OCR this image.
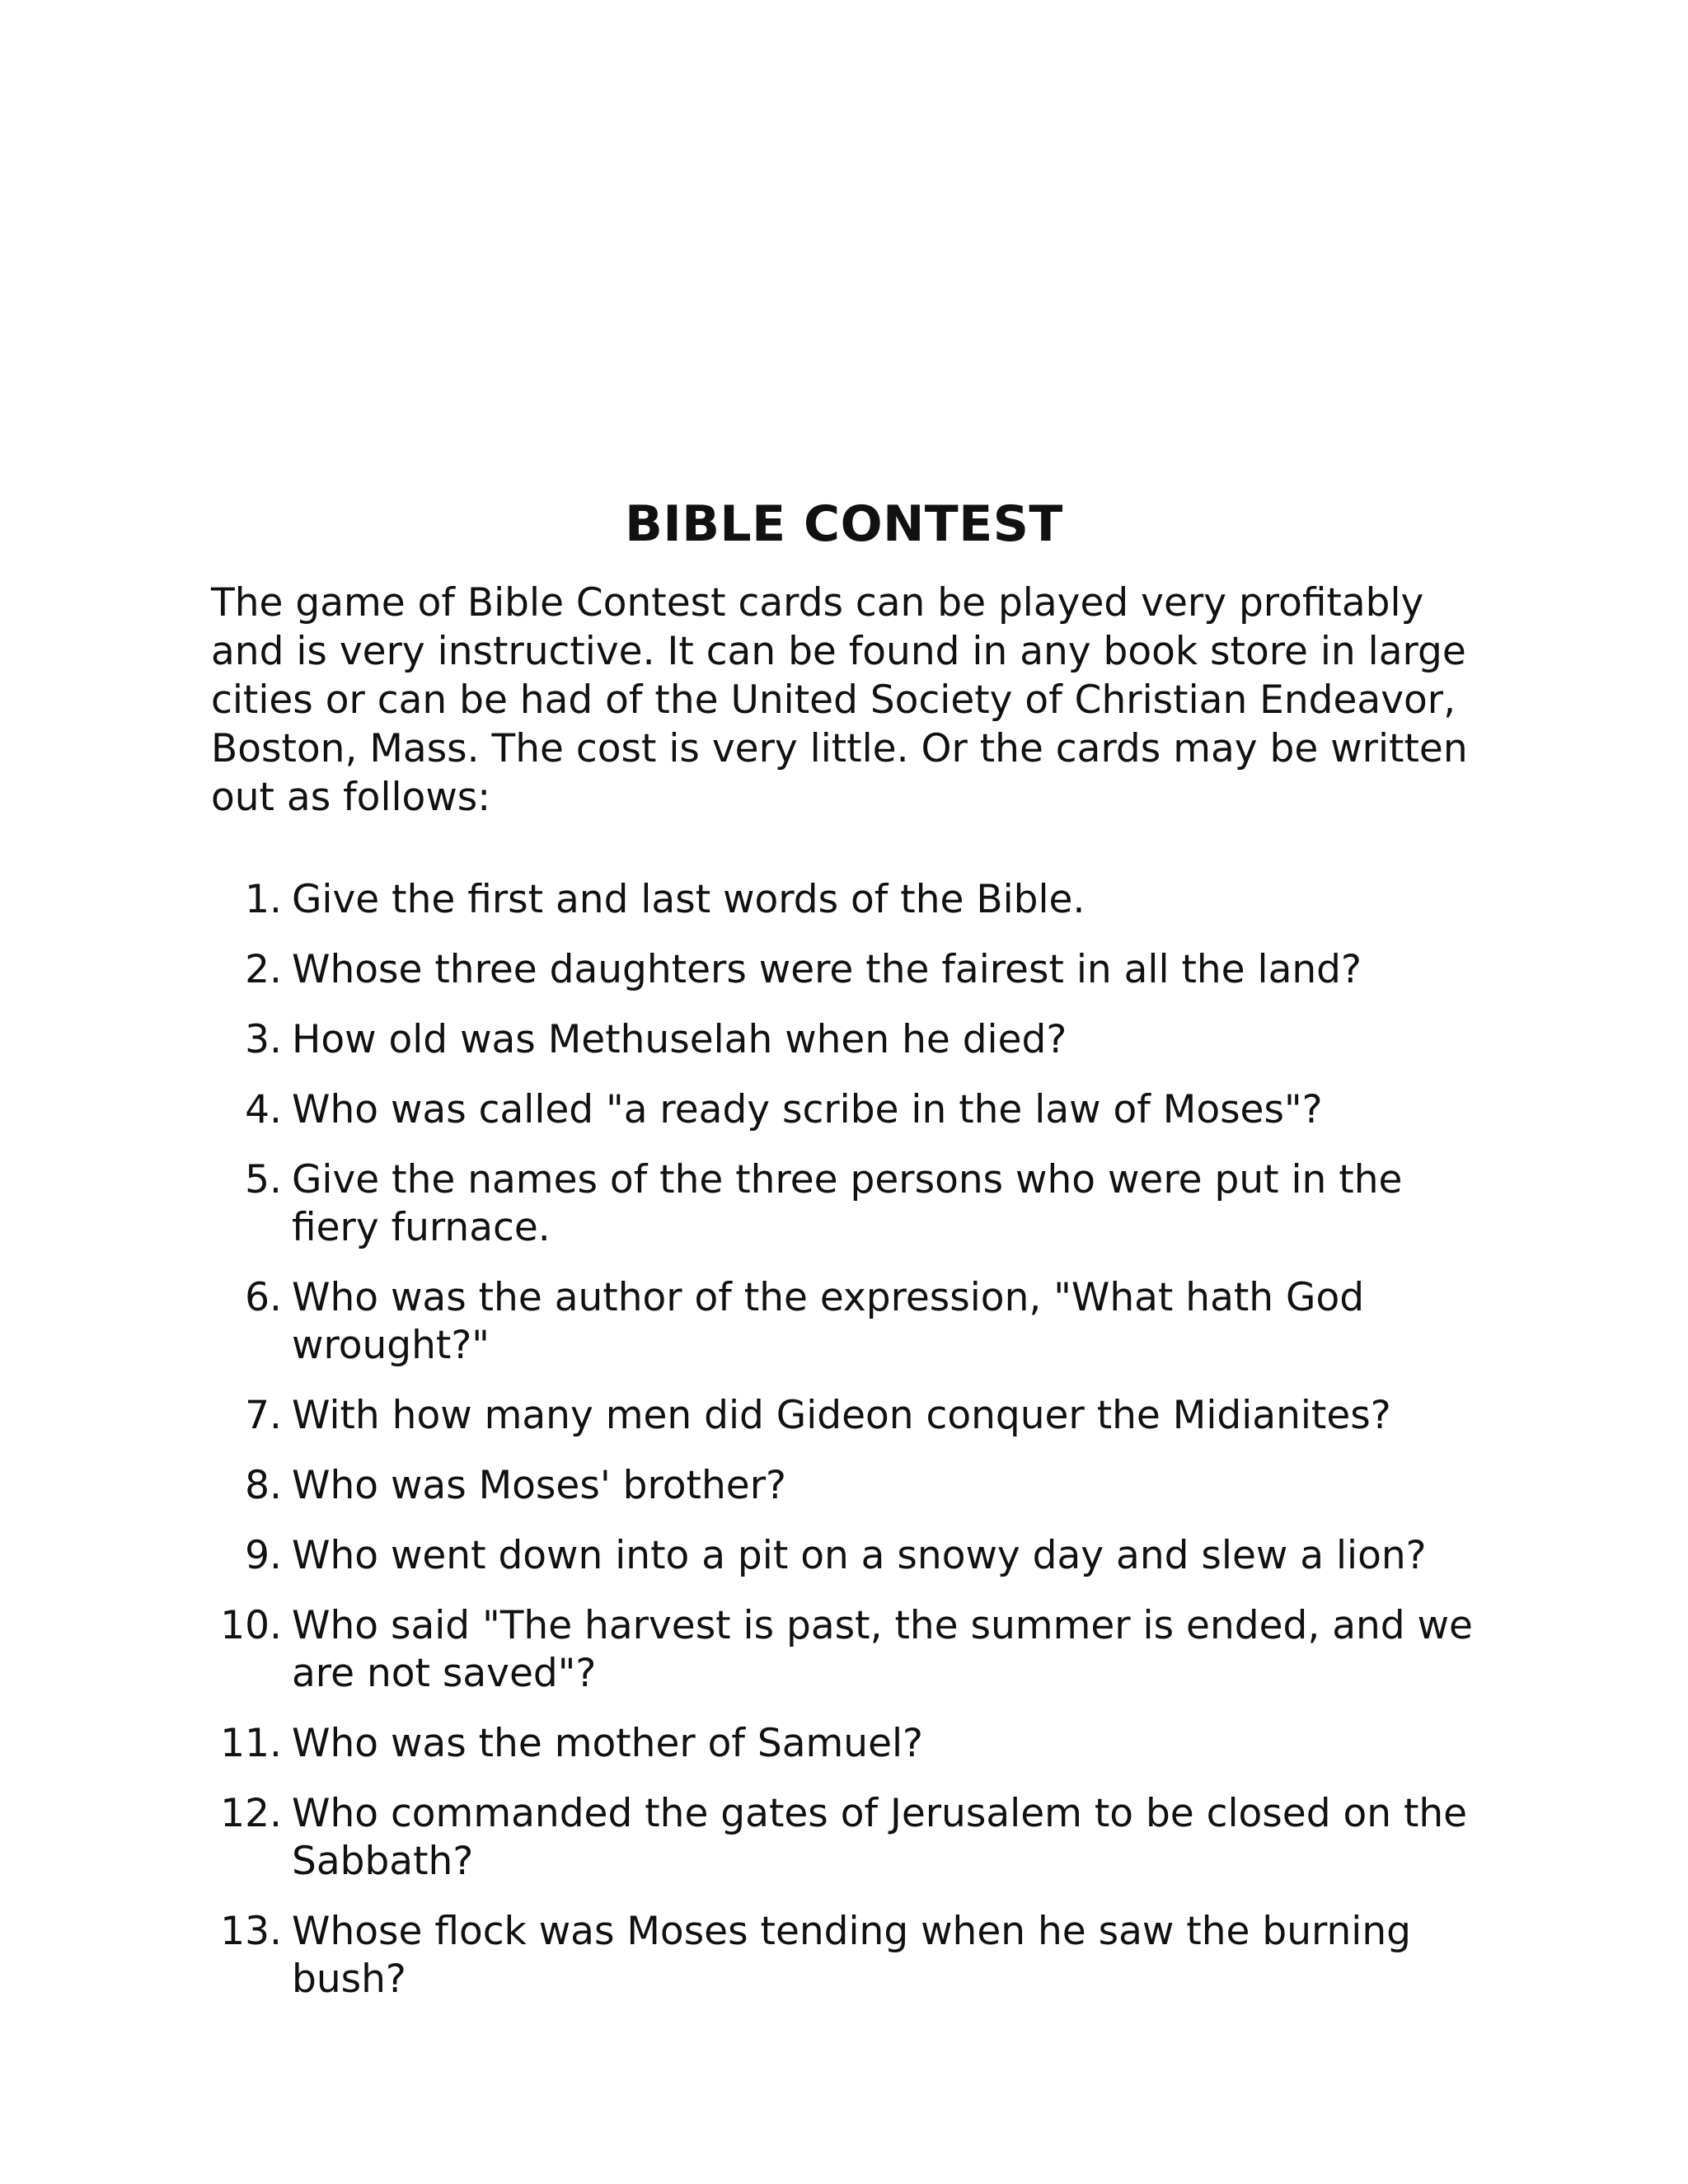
BIBLE CONTEST

The game of Bible Contest cards can be played very profitably and is very instructive. It can be found in any book store in large cities or can be had of the United Society of Christian Endeavor, Boston, Mass. The cost is very little. Or the cards may be written out as follows:

1. Give the first and last words of the Bible.
2. Whose three daughters were the fairest in all the land?
3. How old was Methuselah when he died?
4. Who was called "a ready scribe in the law of Moses"?
5. Give the names of the three persons who were put in the fiery furnace.
6. Who was the author of the expression, "What hath God wrought?"
7. With how many men did Gideon conquer the Midianites?
8. Who was Moses' brother?
9. Who went down into a pit on a snowy day and slew a lion?
10. Who said "The harvest is past, the summer is ended, and we are not saved"?
11. Who was the mother of Samuel?
12. Who commanded the gates of Jerusalem to be closed on the Sabbath?
13. Whose flock was Moses tending when he saw the burning bush?
